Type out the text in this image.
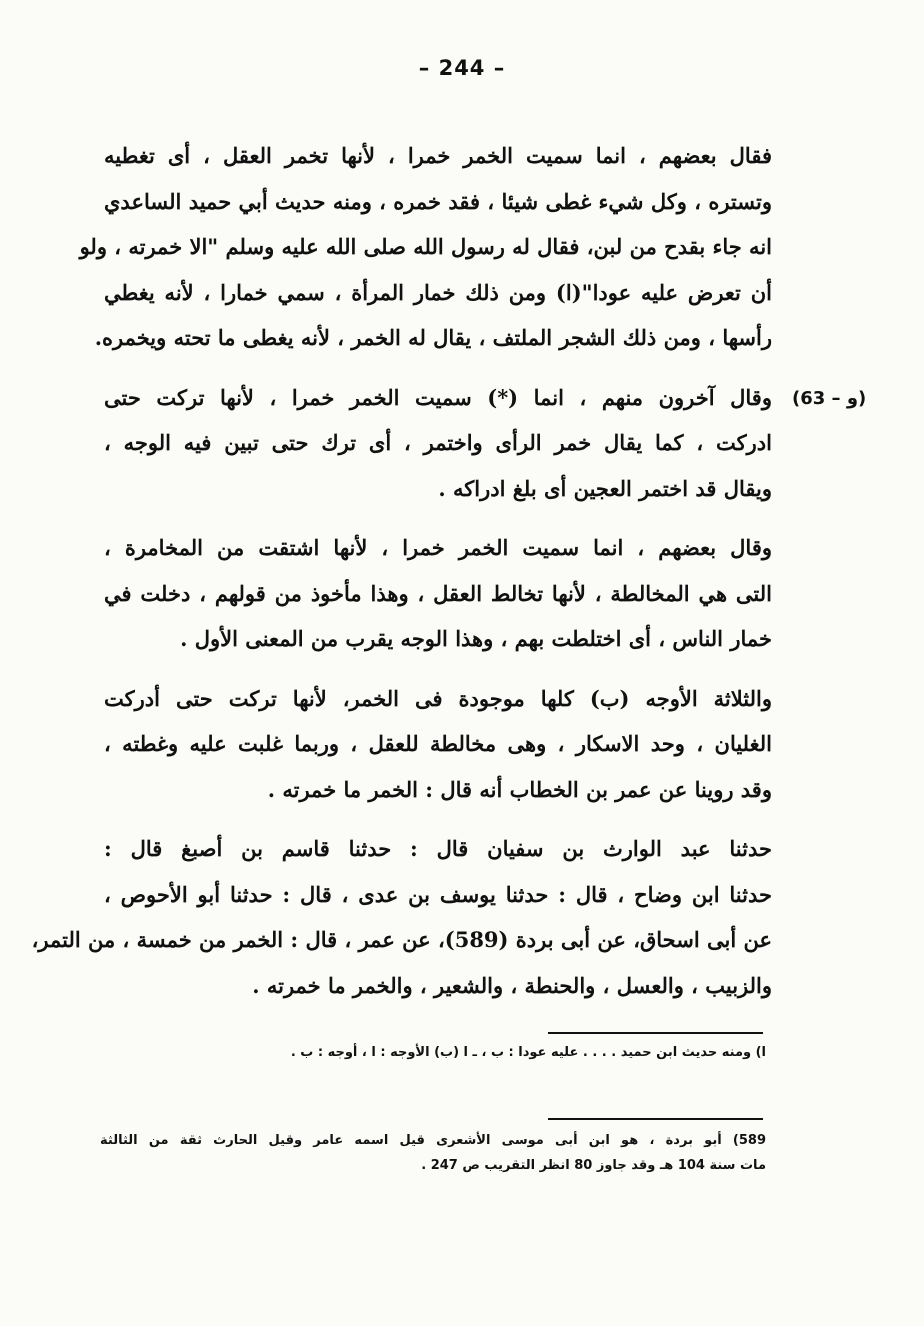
– 244 –
(63 – و)
فقال بعضهم ، انما سميت الخمر خمرا ، لأنها تخمر العقل ، أى تغطيه
وتستره ، وكل شيء غطى شيئا ، فقد خمره ، ومنه حديث أبي حميد الساعدي
انه جاء بقدح من لبن، فقال له رسول الله صلى الله عليه وسلم "الا خمرته ، ولو
أن تعرض عليه عودا"(ا) ومن ذلك خمار المرأة ، سمي خمارا ، لأنه يغطي
رأسها ، ومن ذلك الشجر الملتف ، يقال له الخمر ، لأنه يغطى ما تحته ويخمره.
وقال آخرون منهم ، انما (*) سميت الخمر خمرا ، لأنها تركت حتى
ادركت ، كما يقال خمر الرأى واختمر ، أى ترك حتى تبين فيه الوجه ،
ويقال قد اختمر العجين أى بلغ ادراكه .
وقال بعضهم ، انما سميت الخمر خمرا ، لأنها اشتقت من المخامرة ،
التى هي المخالطة ، لأنها تخالط العقل ، وهذا مأخوذ من قولهم ، دخلت في
خمار الناس ، أى اختلطت بهم ، وهذا الوجه يقرب من المعنى الأول .
والثلاثة الأوجه (ب) كلها موجودة فى الخمر، لأنها تركت حتى أدركت
الغليان ، وحد الاسكار ، وهى مخالطة للعقل ، وربما غلبت عليه وغطته ،
وقد روينا عن عمر بن الخطاب أنه قال : الخمر ما خمرته .
حدثنا عبد الوارث بن سفيان قال : حدثنا قاسم بن أصبغ قال :
حدثنا ابن وضاح ، قال : حدثنا يوسف بن عدى ، قال : حدثنا أبو الأحوص ،
عن أبى اسحاق، عن أبى بردة (589)، عن عمر ، قال : الخمر من خمسة ، من التمر،
والزبيب ، والعسل ، والحنطة ، والشعير ، والخمر ما خمرته .
ا) ومنه حديث ابن حميد . . . . عليه عودا : ب ، ـ ا (ب) الأوجه : ا ، أوجه : ب .
589) أبو بردة ، هو ابن أبى موسى الأشعرى قيل اسمه عامر وقيل الحارث ثقة من الثالثة
مات سنة 104 هـ وقد جاوز 80 انظر التقريب ص 247 .
